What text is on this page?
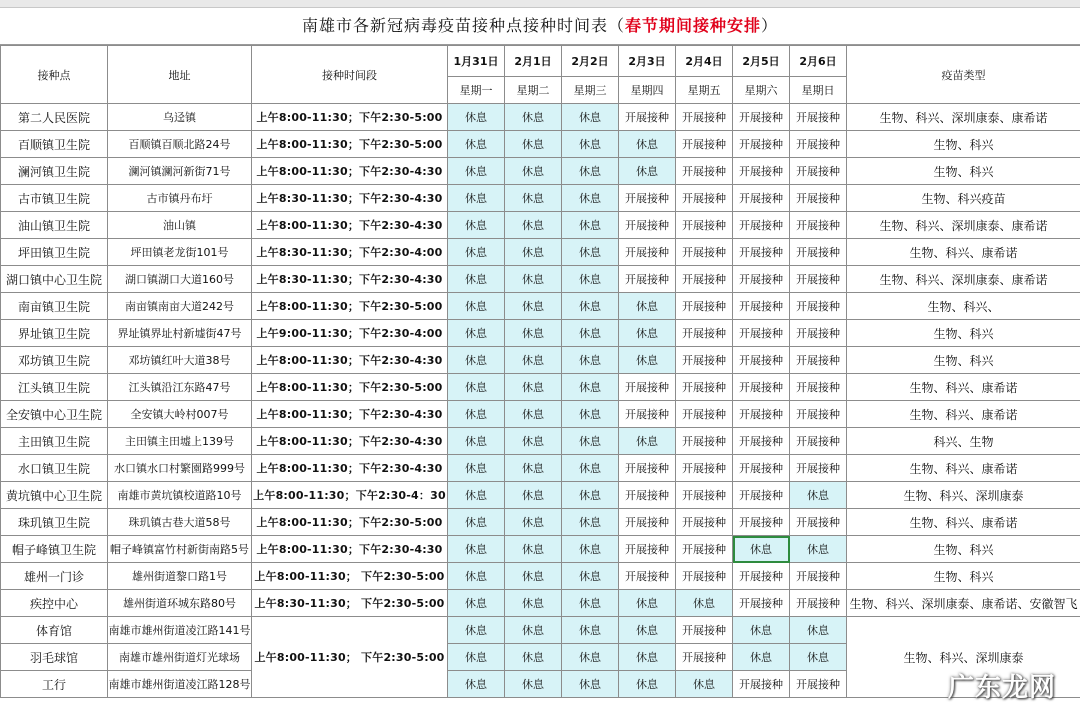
南雄市各新冠病毒疫苗接种点接种时间表（春节期间接种安排）
接种点	地址	接种时间段	1月31日	2月1日	2月2日	2月3日	2月4日	2月5日	2月6日	疫苗类型
			星期一	星期二	星期三	星期四	星期五	星期六	星期日	
第二人民医院	乌迳镇	上午8:00-11:30；下午2:30-5:00	休息	休息	休息	开展接种	开展接种	开展接种	开展接种	生物、科兴、深圳康泰、康希诺
百顺镇卫生院	百顺镇百顺北路24号	上午8:00-11:30；下午2:30-5:00	休息	休息	休息	休息	开展接种	开展接种	开展接种	生物、科兴
澜河镇卫生院	澜河镇澜河新街71号	上午8:00-11:30；下午2:30-4:30	休息	休息	休息	休息	开展接种	开展接种	开展接种	生物、科兴
古市镇卫生院	古市镇丹布圩	上午8:30-11:30；下午2:30-4:30	休息	休息	休息	开展接种	开展接种	开展接种	开展接种	生物、科兴疫苗
油山镇卫生院	油山镇	上午8:00-11:30；下午2:30-4:30	休息	休息	休息	开展接种	开展接种	开展接种	开展接种	生物、科兴、深圳康泰、康希诺
坪田镇卫生院	坪田镇老龙街101号	上午8:30-11:30；下午2:30-4:00	休息	休息	休息	开展接种	开展接种	开展接种	开展接种	生物、科兴、康希诺
湖口镇中心卫生院	湖口镇湖口大道160号	上午8:30-11:30；下午2:30-4:30	休息	休息	休息	开展接种	开展接种	开展接种	开展接种	生物、科兴、深圳康泰、康希诺
南亩镇卫生院	南亩镇南亩大道242号	上午8:00-11:30；下午2:30-5:00	休息	休息	休息	休息	开展接种	开展接种	开展接种	生物、科兴、
界址镇卫生院	界址镇界址村新墟街47号	上午9:00-11:30；下午2:30-4:00	休息	休息	休息	休息	开展接种	开展接种	开展接种	生物、科兴
邓坊镇卫生院	邓坊镇红叶大道38号	上午8:00-11:30；下午2:30-4:30	休息	休息	休息	休息	开展接种	开展接种	开展接种	生物、科兴
江头镇卫生院	江头镇沿江东路47号	上午8:00-11:30；下午2:30-5:00	休息	休息	休息	开展接种	开展接种	开展接种	开展接种	生物、科兴、康希诺
全安镇中心卫生院	全安镇大岭村007号	上午8:00-11:30；下午2:30-4:30	休息	休息	休息	开展接种	开展接种	开展接种	开展接种	生物、科兴、康希诺
主田镇卫生院	主田镇主田墟上139号	上午8:00-11:30；下午2:30-4:30	休息	休息	休息	休息	开展接种	开展接种	开展接种	科兴、生物
水口镇卫生院	水口镇水口村繁園路999号	上午8:00-11:30；下午2:30-4:30	休息	休息	休息	开展接种	开展接种	开展接种	开展接种	生物、科兴、康希诺
黄坑镇中心卫生院	南雄市黄坑镇校道路10号	上午8:00-11:30；下午2:30-4：30	休息	休息	休息	开展接种	开展接种	开展接种	休息	生物、科兴、深圳康泰
珠玑镇卫生院	珠玑镇古巷大道58号	上午8:00-11:30；下午2:30-5:00	休息	休息	休息	开展接种	开展接种	开展接种	开展接种	生物、科兴、康希诺
帽子峰镇卫生院	帽子峰镇富竹村新街南路5号	上午8:00-11:30；下午2:30-4:30	休息	休息	休息	开展接种	开展接种	休息	休息	生物、科兴
雄州一门诊	雄州街道黎口路1号	上午8:00-11:30； 下午2:30-5:00	休息	休息	休息	开展接种	开展接种	开展接种	开展接种	生物、科兴
疾控中心	雄州街道环城东路80号	上午8:30-11:30； 下午2:30-5:00	休息	休息	休息	休息	休息	开展接种	开展接种	生物、科兴、深圳康泰、康希诺、安徽智飞
体育馆	南雄市雄州街道凌江路141号	上午8:00-11:30； 下午2:30-5:00	休息	休息	休息	休息	开展接种	休息	休息	生物、科兴、深圳康泰
羽毛球馆	南雄市雄州街道灯光球场		休息	休息	休息	休息	开展接种	休息	休息	
工行	南雄市雄州街道凌江路128号		休息	休息	休息	休息	休息	开展接种	开展接种		广东龙网
